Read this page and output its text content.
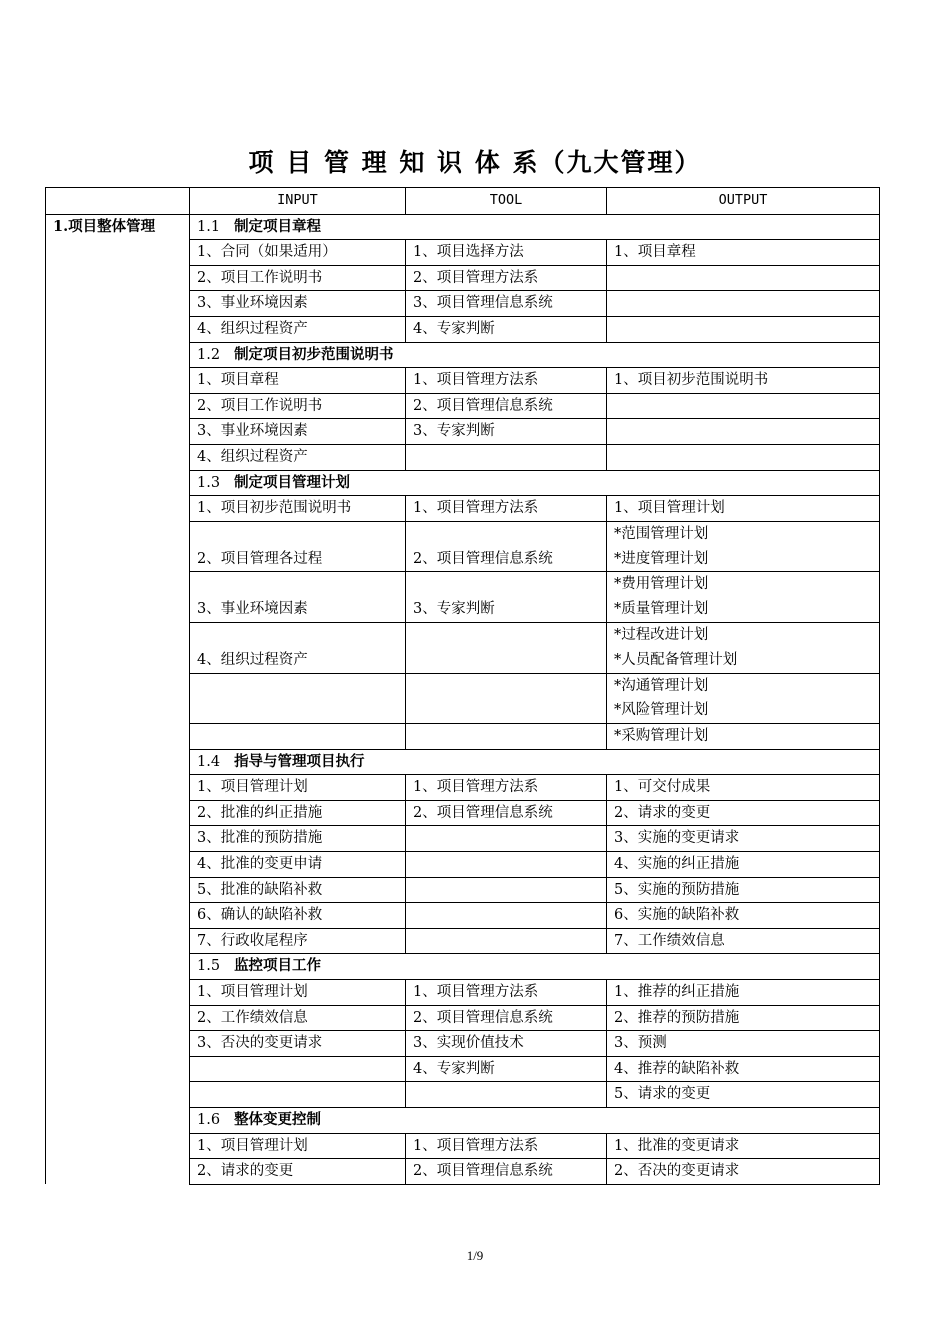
项 目 管 理 知 识 体 系（九大管理）
	INPUT	TOOL	OUTPUT
1.项目整体管理	1.1 制定项目章程		
	1、合同（如果适用）	1、项目选择方法	1、项目章程
	2、项目工作说明书	2、项目管理方法系	
	3、事业环境因素	3、项目管理信息系统	
	4、组织过程资产	4、专家判断	
	1.2 制定项目初步范围说明书		
	1、项目章程	1、项目管理方法系	1、项目初步范围说明书
	2、项目工作说明书	2、项目管理信息系统	
	3、事业环境因素	3、专家判断	
	4、组织过程资产		
	1.3 制定项目管理计划		
	1、项目初步范围说明书	1、项目管理方法系	1、项目管理计划
	2、项目管理各过程	2、项目管理信息系统	*范围管理计划
*进度管理计划

	3、事业环境因素	3、专家判断	*费用管理计划
*质量管理计划

	4、组织过程资产		*过程改进计划
*人员配备管理计划

			*沟通管理计划
*风险管理计划

			*采购管理计划
	1.4 指导与管理项目执行		
	1、项目管理计划	1、项目管理方法系	1、可交付成果
	2、批准的纠正措施	2、项目管理信息系统	2、请求的变更
	3、批准的预防措施		3、实施的变更请求
	4、批准的变更申请		4、实施的纠正措施
	5、批准的缺陷补救		5、实施的预防措施
	6、确认的缺陷补救		6、实施的缺陷补救
	7、行政收尾程序		7、工作绩效信息
	1.5 监控项目工作		
	1、项目管理计划	1、项目管理方法系	1、推荐的纠正措施
	2、工作绩效信息	2、项目管理信息系统	2、推荐的预防措施
	3、否决的变更请求	3、实现价值技术	3、预测
		4、专家判断	4、推荐的缺陷补救
			5、请求的变更
	1.6 整体变更控制		
	1、项目管理计划	1、项目管理方法系	1、批准的变更请求
	2、请求的变更	2、项目管理信息系统	2、否决的变更请求
1/9
